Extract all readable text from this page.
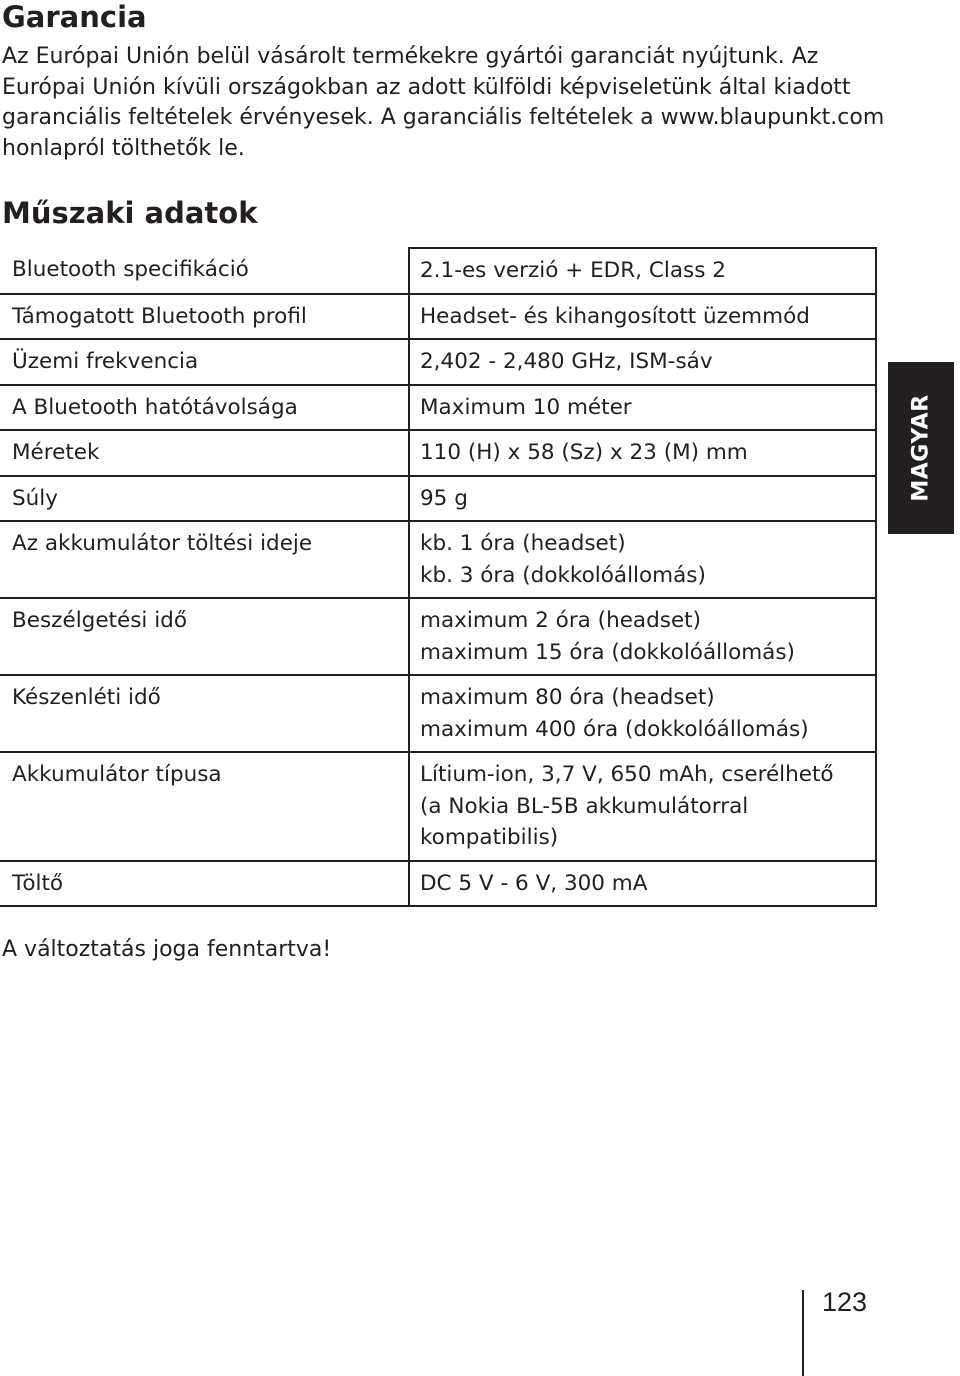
Garancia

Az Európai Unión belül vásárolt termékekre gyártói garanciát nyújtunk. Az
Európai Unión kívüli országokban az adott külföldi képviseletünk által kiadott
garanciális feltételek érvényesek. A garanciális feltételek a www.blaupunkt.com
honlapról tölthetők le.

Műszaki adatok
Bluetooth specifikáció	2.1-es verzió + EDR, Class 2

Támogatott Bluetooth profil	Headset- és kihangosított üzemmód

Üzemi frekvencia	2,402 - 2,480 GHz, ISM-sáv

A Bluetooth hatótávolsága	Maximum 10 méter

Méretek	110 (H) x 58 (Sz) x 23 (M) mm

Súly	95 g

Az akkumulátor töltési ideje	kb. 1 óra (headset)
kb. 3 óra (dokkolóállomás)

Beszélgetési idő	maximum 2 óra (headset)
maximum 15 óra (dokkolóállomás)

Készenléti idő	maximum 80 óra (headset)
maximum 400 óra (dokkolóállomás)

Akkumulátor típusa	Lítium-ion, 3,7 V, 650 mAh, cserélhető
(a Nokia BL-5B akkumulátorral
kompatibilis)

Töltő	DC 5 V - 6 V, 300 mA

A változtatás joga fenntartva!

MAGYAR
123
